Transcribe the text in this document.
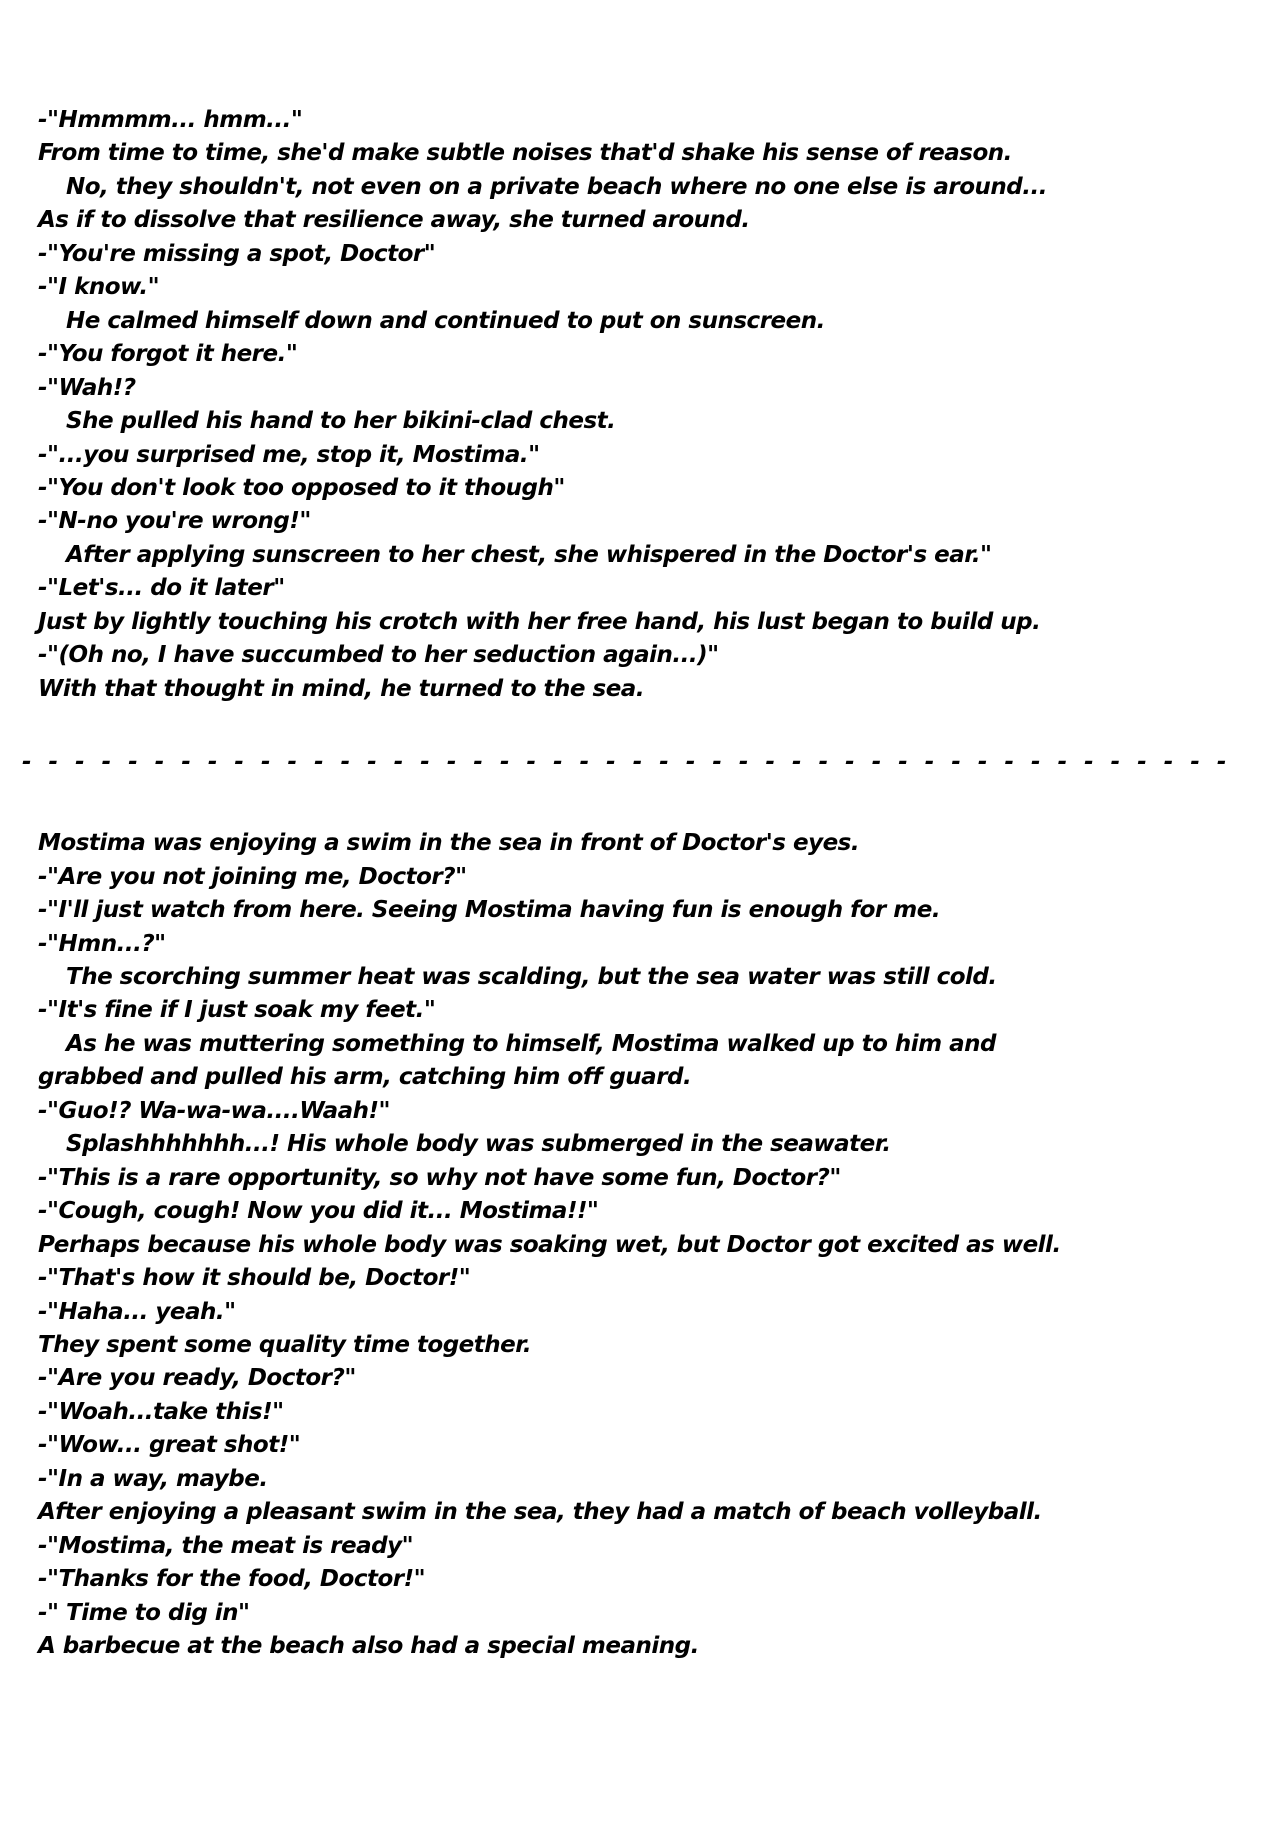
-"Hmmmm... hmm..."
From time to time, she'd make subtle noises that'd shake his sense of reason.
No, they shouldn't, not even on a private beach where no one else is around...
As if to dissolve that resilience away, she turned around.
-"You're missing a spot, Doctor"
-"I know."
He calmed himself down and continued to put on sunscreen.
-"You forgot it here."
-"Wah!?
She pulled his hand to her bikini-clad chest.
-"...you surprised me, stop it, Mostima."
-"You don't look too opposed to it though"
-"N-no you're wrong!"
After applying sunscreen to her chest, she whispered in the Doctor's ear."
-"Let's... do it later"
Just by lightly touching his crotch with her free hand, his lust began to build up.
-"(Oh no, I have succumbed to her seduction again...)"
With that thought in mind, he turned to the sea.
- - - - - - - - - - - - - - - - - - - - - - - - - - - - - - - - - - - - - - - - - - - - - -
Mostima was enjoying a swim in the sea in front of Doctor's eyes.
-"Are you not joining me, Doctor?"
-"I'll just watch from here. Seeing Mostima having fun is enough for me.
-"Hmn...?"
The scorching summer heat was scalding, but the sea water was still cold.
-"It's fine if I just soak my feet."
As he was muttering something to himself, Mostima walked up to him and
grabbed and pulled his arm, catching him off guard.
-"Guo!? Wa-wa-wa....Waah!"
Splashhhhhhh...! His whole body was submerged in the seawater.
-"This is a rare opportunity, so why not have some fun, Doctor?"
-"Cough, cough! Now you did it... Mostima!!"
Perhaps because his whole body was soaking wet, but Doctor got excited as well.
-"That's how it should be, Doctor!"
-"Haha... yeah."
They spent some quality time together.
-"Are you ready, Doctor?"
-"Woah...take this!"
-"Wow... great shot!"
-"In a way, maybe.
After enjoying a pleasant swim in the sea, they had a match of beach volleyball.
-"Mostima, the meat is ready"
-"Thanks for the food, Doctor!"
-" Time to dig in"
A barbecue at the beach also had a special meaning.
